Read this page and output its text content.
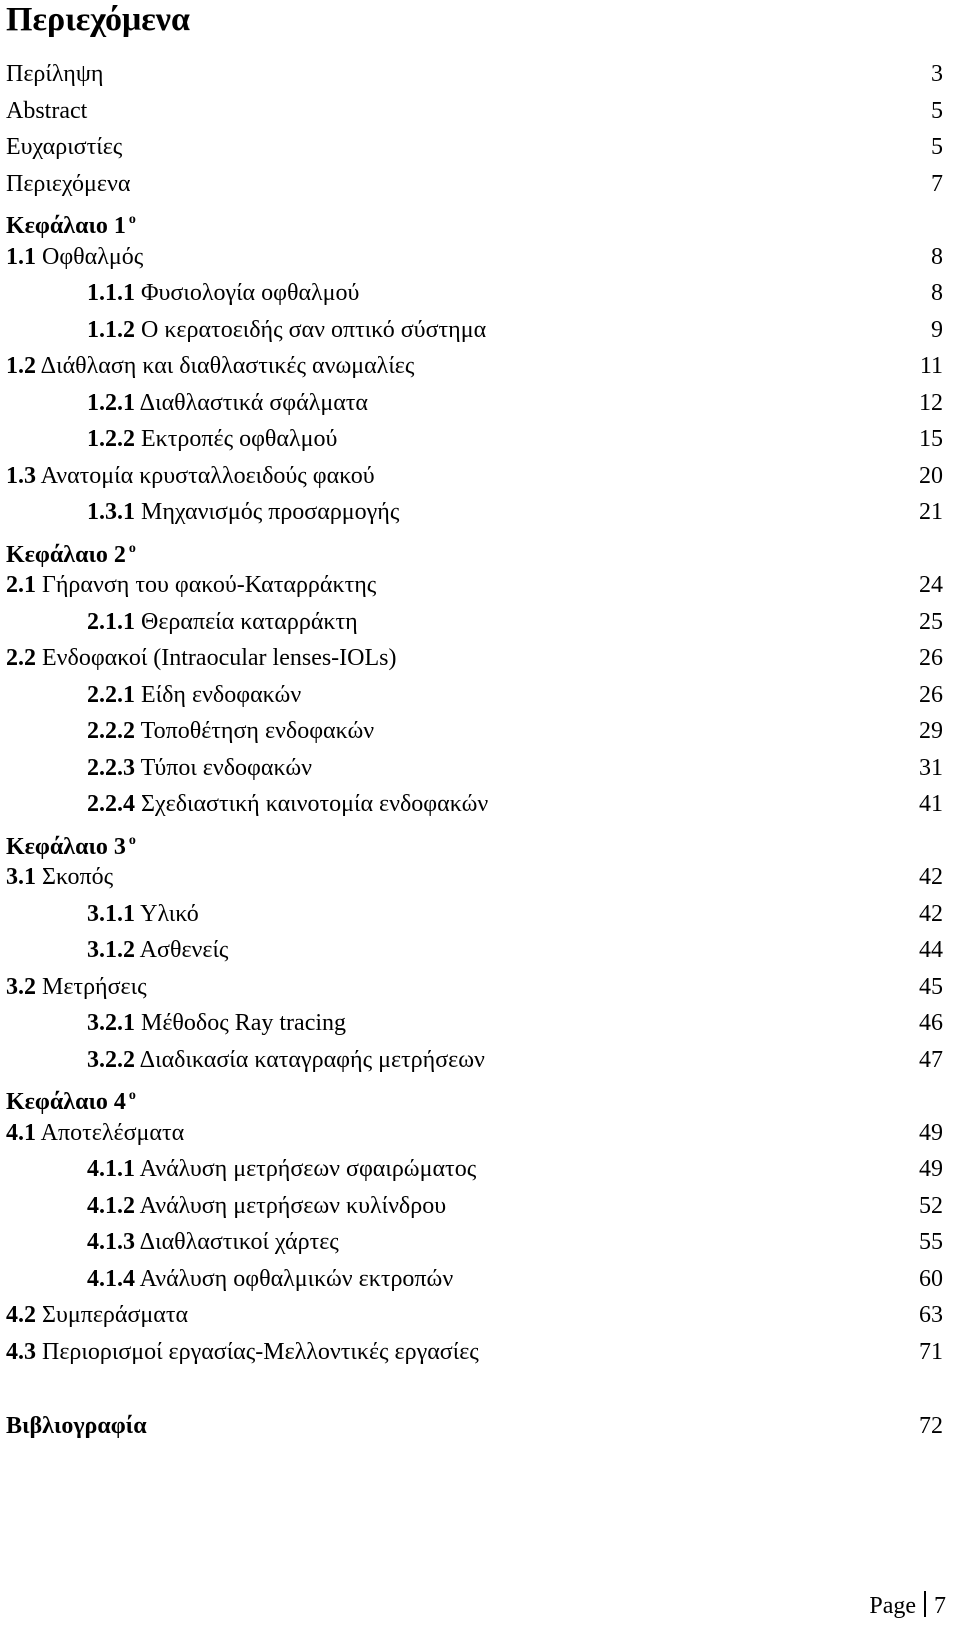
Περιεχόμενα
Περίληψη	3
Abstract	5
Ευχαριστίες	5
Περιεχόμενα	7
Κεφάλαιο 1 $^o$
1.1 Οφθαλμός	8
1.1.1 Φυσιολογία οφθαλμού	8
1.1.2 Ο κερατοειδής σαν οπτικό σύστημα	9
1.2 Διάθλαση και διαθλαστικές ανωμαλίες	11
1.2.1 Διαθλαστικά σφάλματα	12
1.2.2 Εκτροπές οφθαλμού	15
1.3 Ανατομία κρυσταλλοειδούς φακού	20
1.3.1 Μηχανισμός προσαρμογής	21
Κεφάλαιο 2 $^o$
2.1 Γήρανση του φακού-Καταρράκτης	24
2.1.1 Θεραπεία καταρράκτη	25
2.2 Ενδοφακοί (Intraocular lenses-IOLs)	26
2.2.1 Είδη ενδοφακών	26
2.2.2 Τοποθέτηση ενδοφακών	29
2.2.3 Τύποι ενδοφακών	31
2.2.4 Σχεδιαστική καινοτομία ενδοφακών	41
Κεφάλαιο 3 $^o$
3.1 Σκοπός	42
3.1.1 Υλικό	42
3.1.2 Ασθενείς	44
3.2 Μετρήσεις	45
3.2.1 Μέθοδος Ray tracing	46
3.2.2 Διαδικασία καταγραφής μετρήσεων	47
Κεφάλαιο 4 $^o$
4.1 Αποτελέσματα	49
4.1.1 Ανάλυση μετρήσεων σφαιρώματος	49
4.1.2 Ανάλυση μετρήσεων κυλίνδρου	52
4.1.3 Διαθλαστικοί χάρτες	55
4.1.4 Ανάλυση οφθαλμικών εκτροπών	60
4.2 Συμπεράσματα	63
4.3 Περιορισμοί εργασίας-Μελλοντικές εργασίες	71
Βιβλιογραφία	72
Page 7
